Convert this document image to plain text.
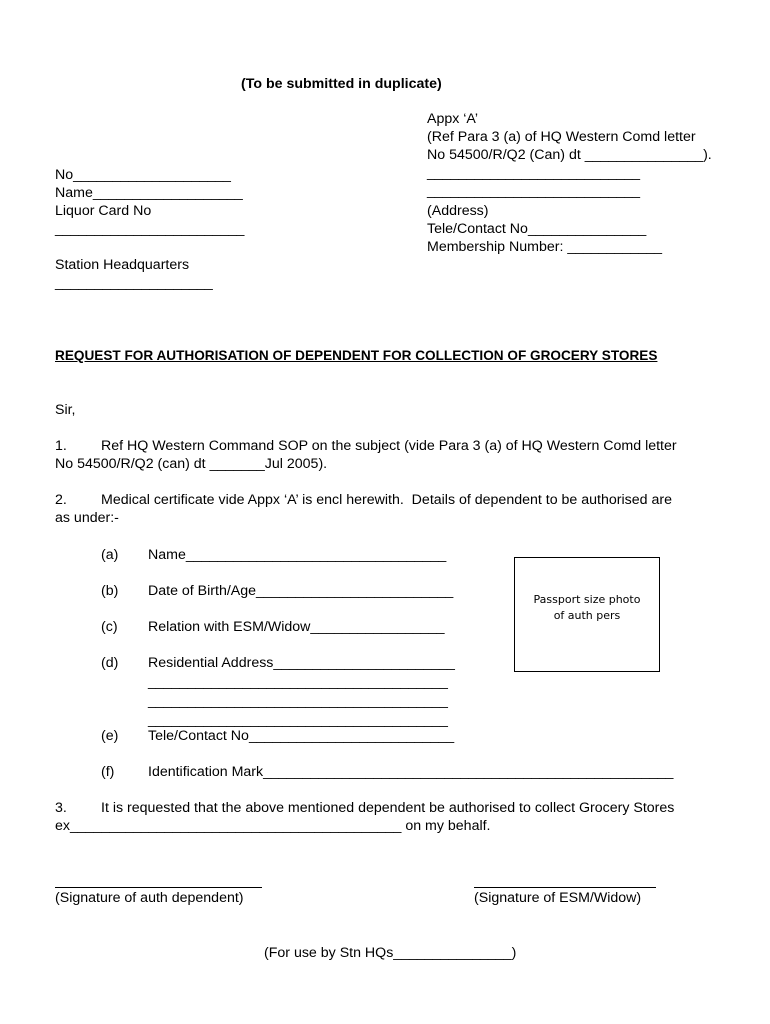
(To be submitted in duplicate)
Appx ‘A’
(Ref Para 3 (a) of HQ Western Comd letter
No 54500/R/Q2 (Can) dt _______________).
___________________________
___________________________
(Address)
Tele/Contact No_______________
Membership Number: ____________
No____________________
Name___________________
Liquor Card No
________________________
Station Headquarters
____________________
REQUEST FOR AUTHORISATION OF DEPENDENT FOR COLLECTION OF GROCERY STORES
Sir,
1. Ref HQ Western Command SOP on the subject (vide Para 3 (a) of HQ Western Comd letter
No 54500/R/Q2 (can) dt _______Jul 2005).
2. Medical certificate vide Appx ‘A’ is encl herewith.  Details of dependent to be authorised are
as under:-
(a) Name_________________________________
(b) Date of Birth/Age_________________________
(c) Relation with ESM/Widow_________________
(d) Residential Address_______________________
______________________________________
______________________________________
______________________________________
(e) Tele/Contact No__________________________
(f) Identification Mark____________________________________________________
Passport size photo
of auth pers
3. It is requested that the above mentioned dependent be authorised to collect Grocery Stores
ex__________________________________________ on my behalf.
(Signature of auth dependent)	(Signature of ESM/Widow)
(For use by Stn HQs_______________)
